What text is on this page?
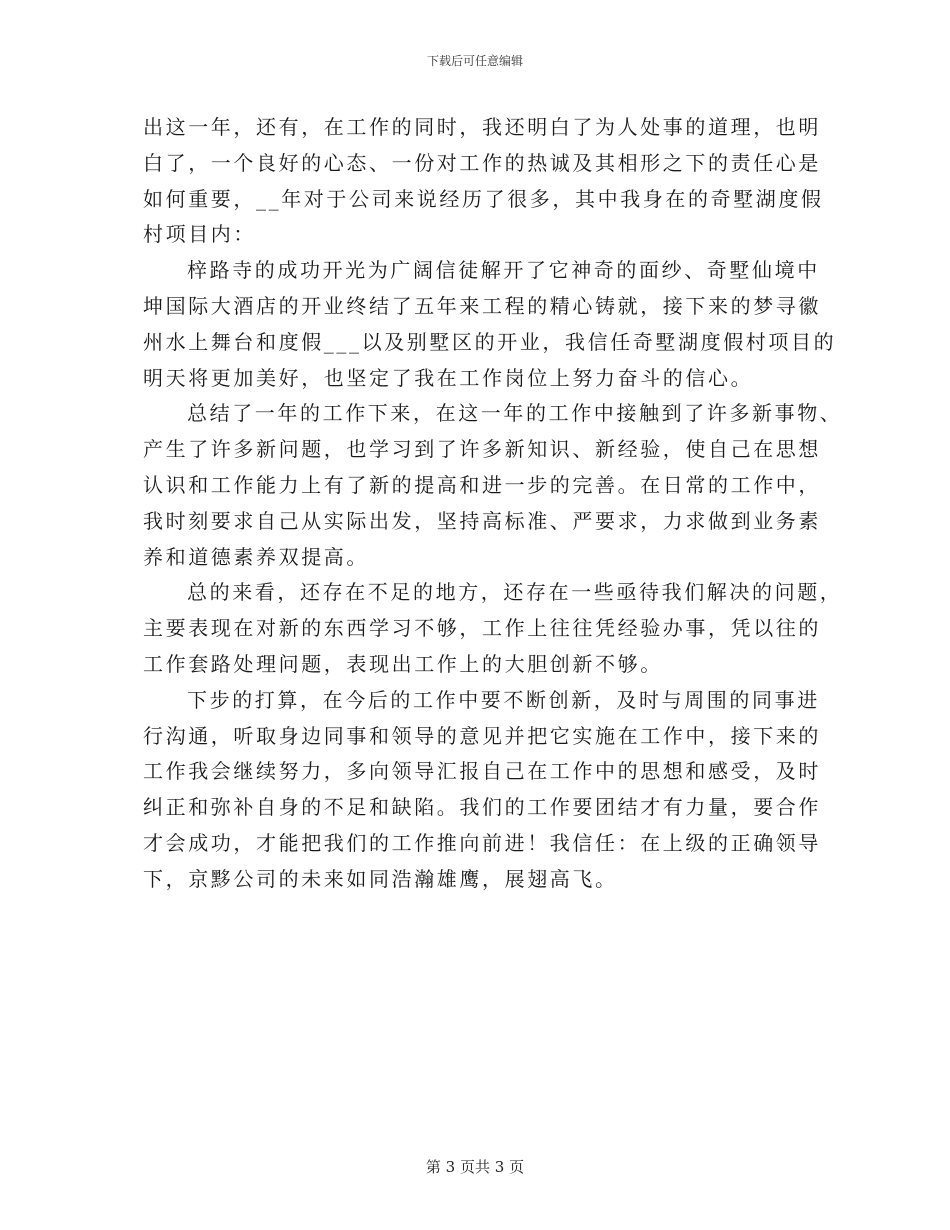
下载后可任意编辑
出这一年，还有，在工作的同时，我还明白了为人处事的道理，也明
白了，一个良好的心态、一份对工作的热诚及其相形之下的责任心是
如何重要，__年对于公司来说经历了很多，其中我身在的奇墅湖度假
村项目内：
梓路寺的成功开光为广阔信徒解开了它神奇的面纱、奇墅仙境中
坤国际大酒店的开业终结了五年来工程的精心铸就，接下来的梦寻徽
州水上舞台和度假___以及别墅区的开业，我信任奇墅湖度假村项目的
明天将更加美好，也坚定了我在工作岗位上努力奋斗的信心。
总结了一年的工作下来，在这一年的工作中接触到了许多新事物、
产生了许多新问题，也学习到了许多新知识、新经验，使自己在思想
认识和工作能力上有了新的提高和进一步的完善。在日常的工作中，
我时刻要求自己从实际出发，坚持高标准、严要求，力求做到业务素
养和道德素养双提高。
总的来看，还存在不足的地方，还存在一些亟待我们解决的问题，
主要表现在对新的东西学习不够，工作上往往凭经验办事，凭以往的
工作套路处理问题，表现出工作上的大胆创新不够。
下步的打算，在今后的工作中要不断创新，及时与周围的同事进
行沟通，听取身边同事和领导的意见并把它实施在工作中，接下来的
工作我会继续努力，多向领导汇报自己在工作中的思想和感受，及时
纠正和弥补自身的不足和缺陷。我们的工作要团结才有力量，要合作
才会成功，才能把我们的工作推向前进！我信任：在上级的正确领导
下，京黟公司的未来如同浩瀚雄鹰，展翅高飞。
第 3 页共 3 页
